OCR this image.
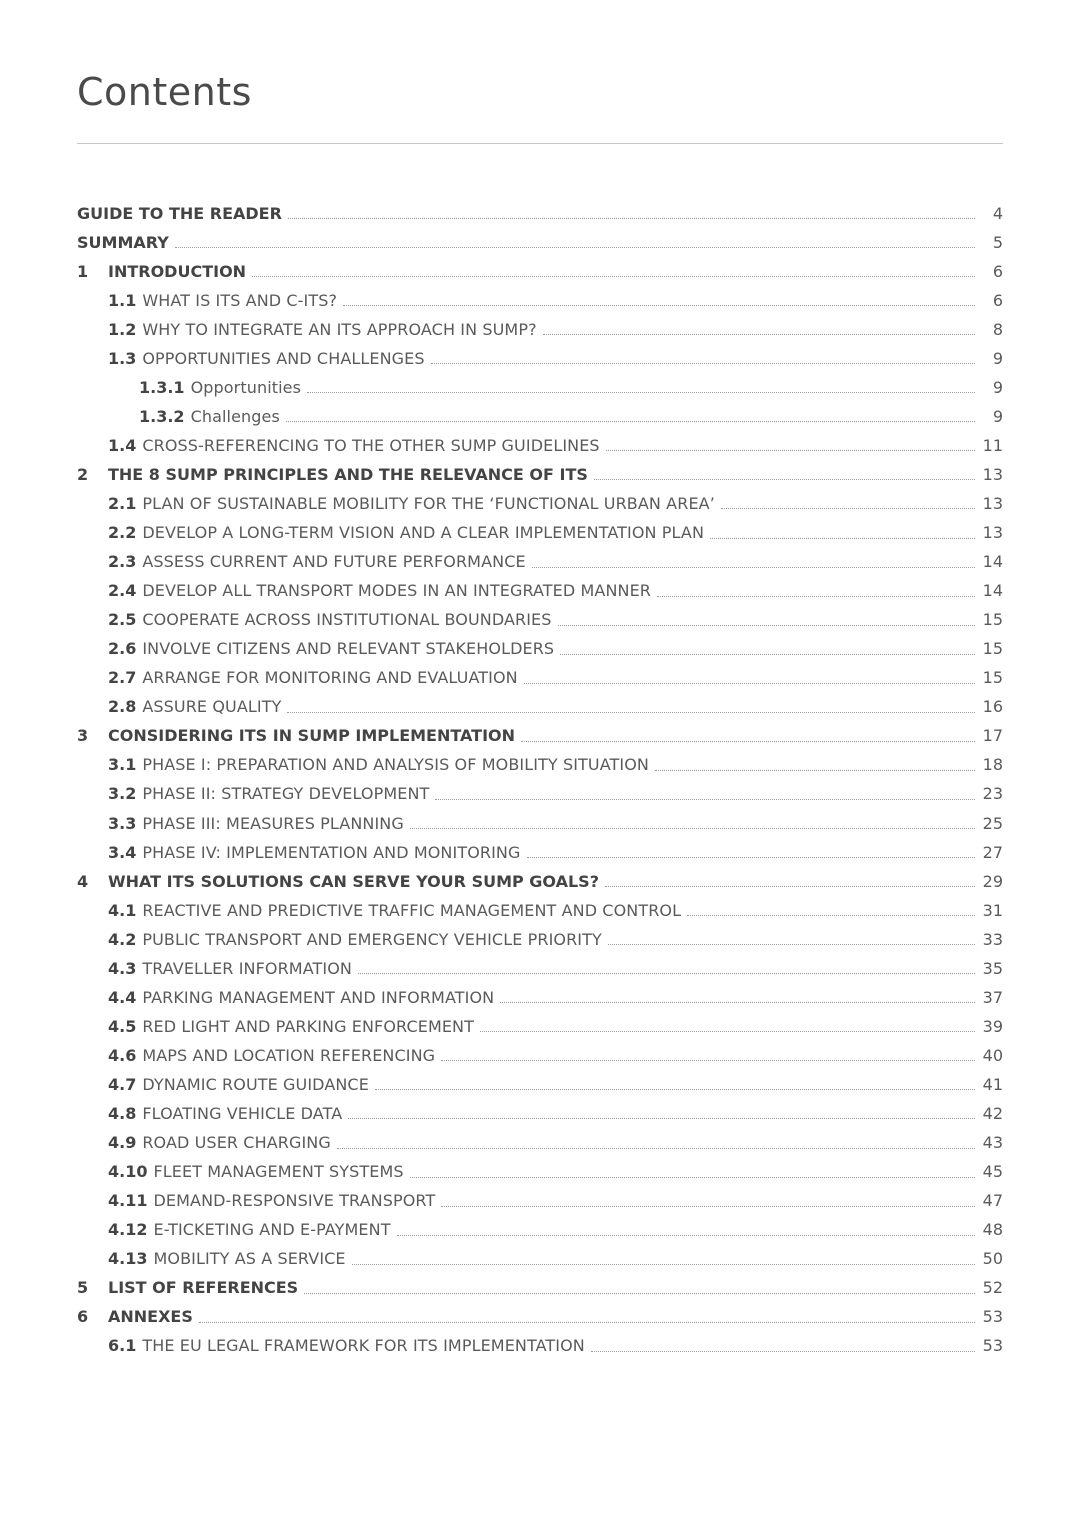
Contents
GUIDE TO THE READER	4
SUMMARY	5
1	INTRODUCTION	6
1.1 WHAT IS ITS AND C-ITS?	6
1.2 WHY TO INTEGRATE AN ITS APPROACH IN SUMP?	8
1.3 OPPORTUNITIES AND CHALLENGES	9
1.3.1 Opportunities	9
1.3.2 Challenges	9
1.4 CROSS-REFERENCING TO THE OTHER SUMP GUIDELINES	11
2	THE 8 SUMP PRINCIPLES AND THE RELEVANCE OF ITS	13
2.1 PLAN OF SUSTAINABLE MOBILITY FOR THE ‘FUNCTIONAL URBAN AREA’	13
2.2 DEVELOP A LONG-TERM VISION AND A CLEAR IMPLEMENTATION PLAN	13
2.3 ASSESS CURRENT AND FUTURE PERFORMANCE	14
2.4 DEVELOP ALL TRANSPORT MODES IN AN INTEGRATED MANNER	14
2.5 COOPERATE ACROSS INSTITUTIONAL BOUNDARIES	15
2.6 INVOLVE CITIZENS AND RELEVANT STAKEHOLDERS	15
2.7 ARRANGE FOR MONITORING AND EVALUATION	15
2.8 ASSURE QUALITY	16
3	CONSIDERING ITS IN SUMP IMPLEMENTATION	17
3.1 PHASE I: PREPARATION AND ANALYSIS OF MOBILITY SITUATION	18
3.2 PHASE II: STRATEGY DEVELOPMENT	23
3.3 PHASE III: MEASURES PLANNING	25
3.4 PHASE IV: IMPLEMENTATION AND MONITORING	27
4	WHAT ITS SOLUTIONS CAN SERVE YOUR SUMP GOALS?	29
4.1 REACTIVE AND PREDICTIVE TRAFFIC MANAGEMENT AND CONTROL	31
4.2 PUBLIC TRANSPORT AND EMERGENCY VEHICLE PRIORITY	33
4.3 TRAVELLER INFORMATION	35
4.4 PARKING MANAGEMENT AND INFORMATION	37
4.5 RED LIGHT AND PARKING ENFORCEMENT	39
4.6 MAPS AND LOCATION REFERENCING	40
4.7 DYNAMIC ROUTE GUIDANCE	41
4.8 FLOATING VEHICLE DATA	42
4.9 ROAD USER CHARGING	43
4.10 FLEET MANAGEMENT SYSTEMS	45
4.11 DEMAND-RESPONSIVE TRANSPORT	47
4.12 E-TICKETING AND E-PAYMENT	48
4.13 MOBILITY AS A SERVICE	50
5	LIST OF REFERENCES	52
6	ANNEXES	53
6.1 THE EU LEGAL FRAMEWORK FOR ITS IMPLEMENTATION	53
